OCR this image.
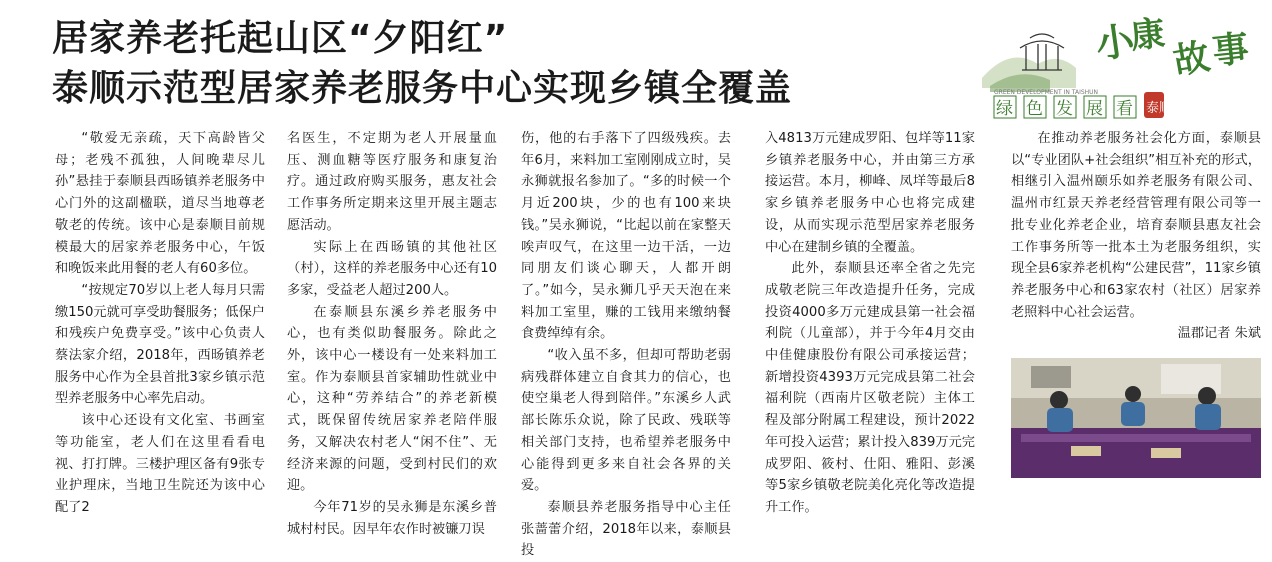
居家养老托起山区“夕阳红”
泰顺示范型居家养老服务中心实现乡镇全覆盖
小
康 故
事
绿 色 发 展 看 泰顺
GREEN DEVELOPMENT IN TAISHUN

“敬爱无亲疏，天下高龄皆父母；老残不孤独，人间晚辈尽儿孙”悬挂于泰顺县西旸镇养老服务中心门外的这副楹联，道尽当地尊老敬老的传统。该中心是泰顺目前规模最大的居家养老服务中心，午饭和晚饭来此用餐的老人有60多位。

“按规定70岁以上老人每月只需缴150元就可享受助餐服务；低保户和残疾户免费享受。”该中心负责人蔡法家介绍，2018年，西旸镇养老服务中心作为全县首批3家乡镇示范型养老服务中心率先启动。

该中心还设有文化室、书画室等功能室，老人们在这里看看电视、打打牌。三楼护理区备有9张专业护理床，当地卫生院还为该中心配了2

名医生，不定期为老人开展量血压、测血糖等医疗服务和康复治疗。通过政府购买服务，惠友社会工作事务所定期来这里开展主题志愿活动。

实际上在西旸镇的其他社区（村），这样的养老服务中心还有10多家，受益老人超过200人。

在泰顺县东溪乡养老服务中心，也有类似助餐服务。除此之外，该中心一楼设有一处来料加工室。作为泰顺县首家辅助性就业中心，这种“劳养结合”的养老新模式，既保留传统居家养老陪伴服务，又解决农村老人“闲不住”、无经济来源的问题，受到村民们的欢迎。

今年71岁的吴永狮是东溪乡普城村村民。因早年农作时被镰刀误

伤，他的右手落下了四级残疾。去年6月，来料加工室刚刚成立时，吴永狮就报名参加了。“多的时候一个月近200块，少的也有100来块钱。”吴永狮说，“比起以前在家整天唉声叹气，在这里一边干活，一边同朋友们谈心聊天，人都开朗了。”如今，吴永狮几乎天天泡在来料加工室里，赚的工钱用来缴纳餐食费绰绰有余。

“收入虽不多，但却可帮助老弱病残群体建立自食其力的信心，也使空巢老人得到陪伴。”东溪乡人武部长陈乐众说，除了民政、残联等相关部门支持，也希望养老服务中心能得到更多来自社会各界的关爱。

泰顺县养老服务指导中心主任张蔷蕾介绍，2018年以来，泰顺县投

入4813万元建成罗阳、包垟等11家乡镇养老服务中心，并由第三方承接运营。本月，柳峰、凤垟等最后8家乡镇养老服务中心也将完成建设，从而实现示范型居家养老服务中心在建制乡镇的全覆盖。

此外，泰顺县还率全省之先完成敬老院三年改造提升任务，完成投资4000多万元建成县第一社会福利院（儿童部），并于今年4月交由中佳健康股份有限公司承接运营；新增投资4393万元完成县第二社会福利院（西南片区敬老院）主体工程及部分附属工程建设，预计2022年可投入运营；累计投入839万元完成罗阳、筱村、仕阳、雅阳、彭溪等5家乡镇敬老院美化亮化等改造提升工作。

在推动养老服务社会化方面，泰顺县以“专业团队+社会组织”相互补充的形式，相继引入温州颐乐如养老服务有限公司、温州市红景天养老经营管理有限公司等一批专业化养老企业，培育泰顺县惠友社会工作事务所等一批本土为老服务组织，实现全县6家养老机构“公建民营”，11家乡镇养老服务中心和63家农村（社区）居家养老照料中心社会运营。

温郡记者 朱斌
